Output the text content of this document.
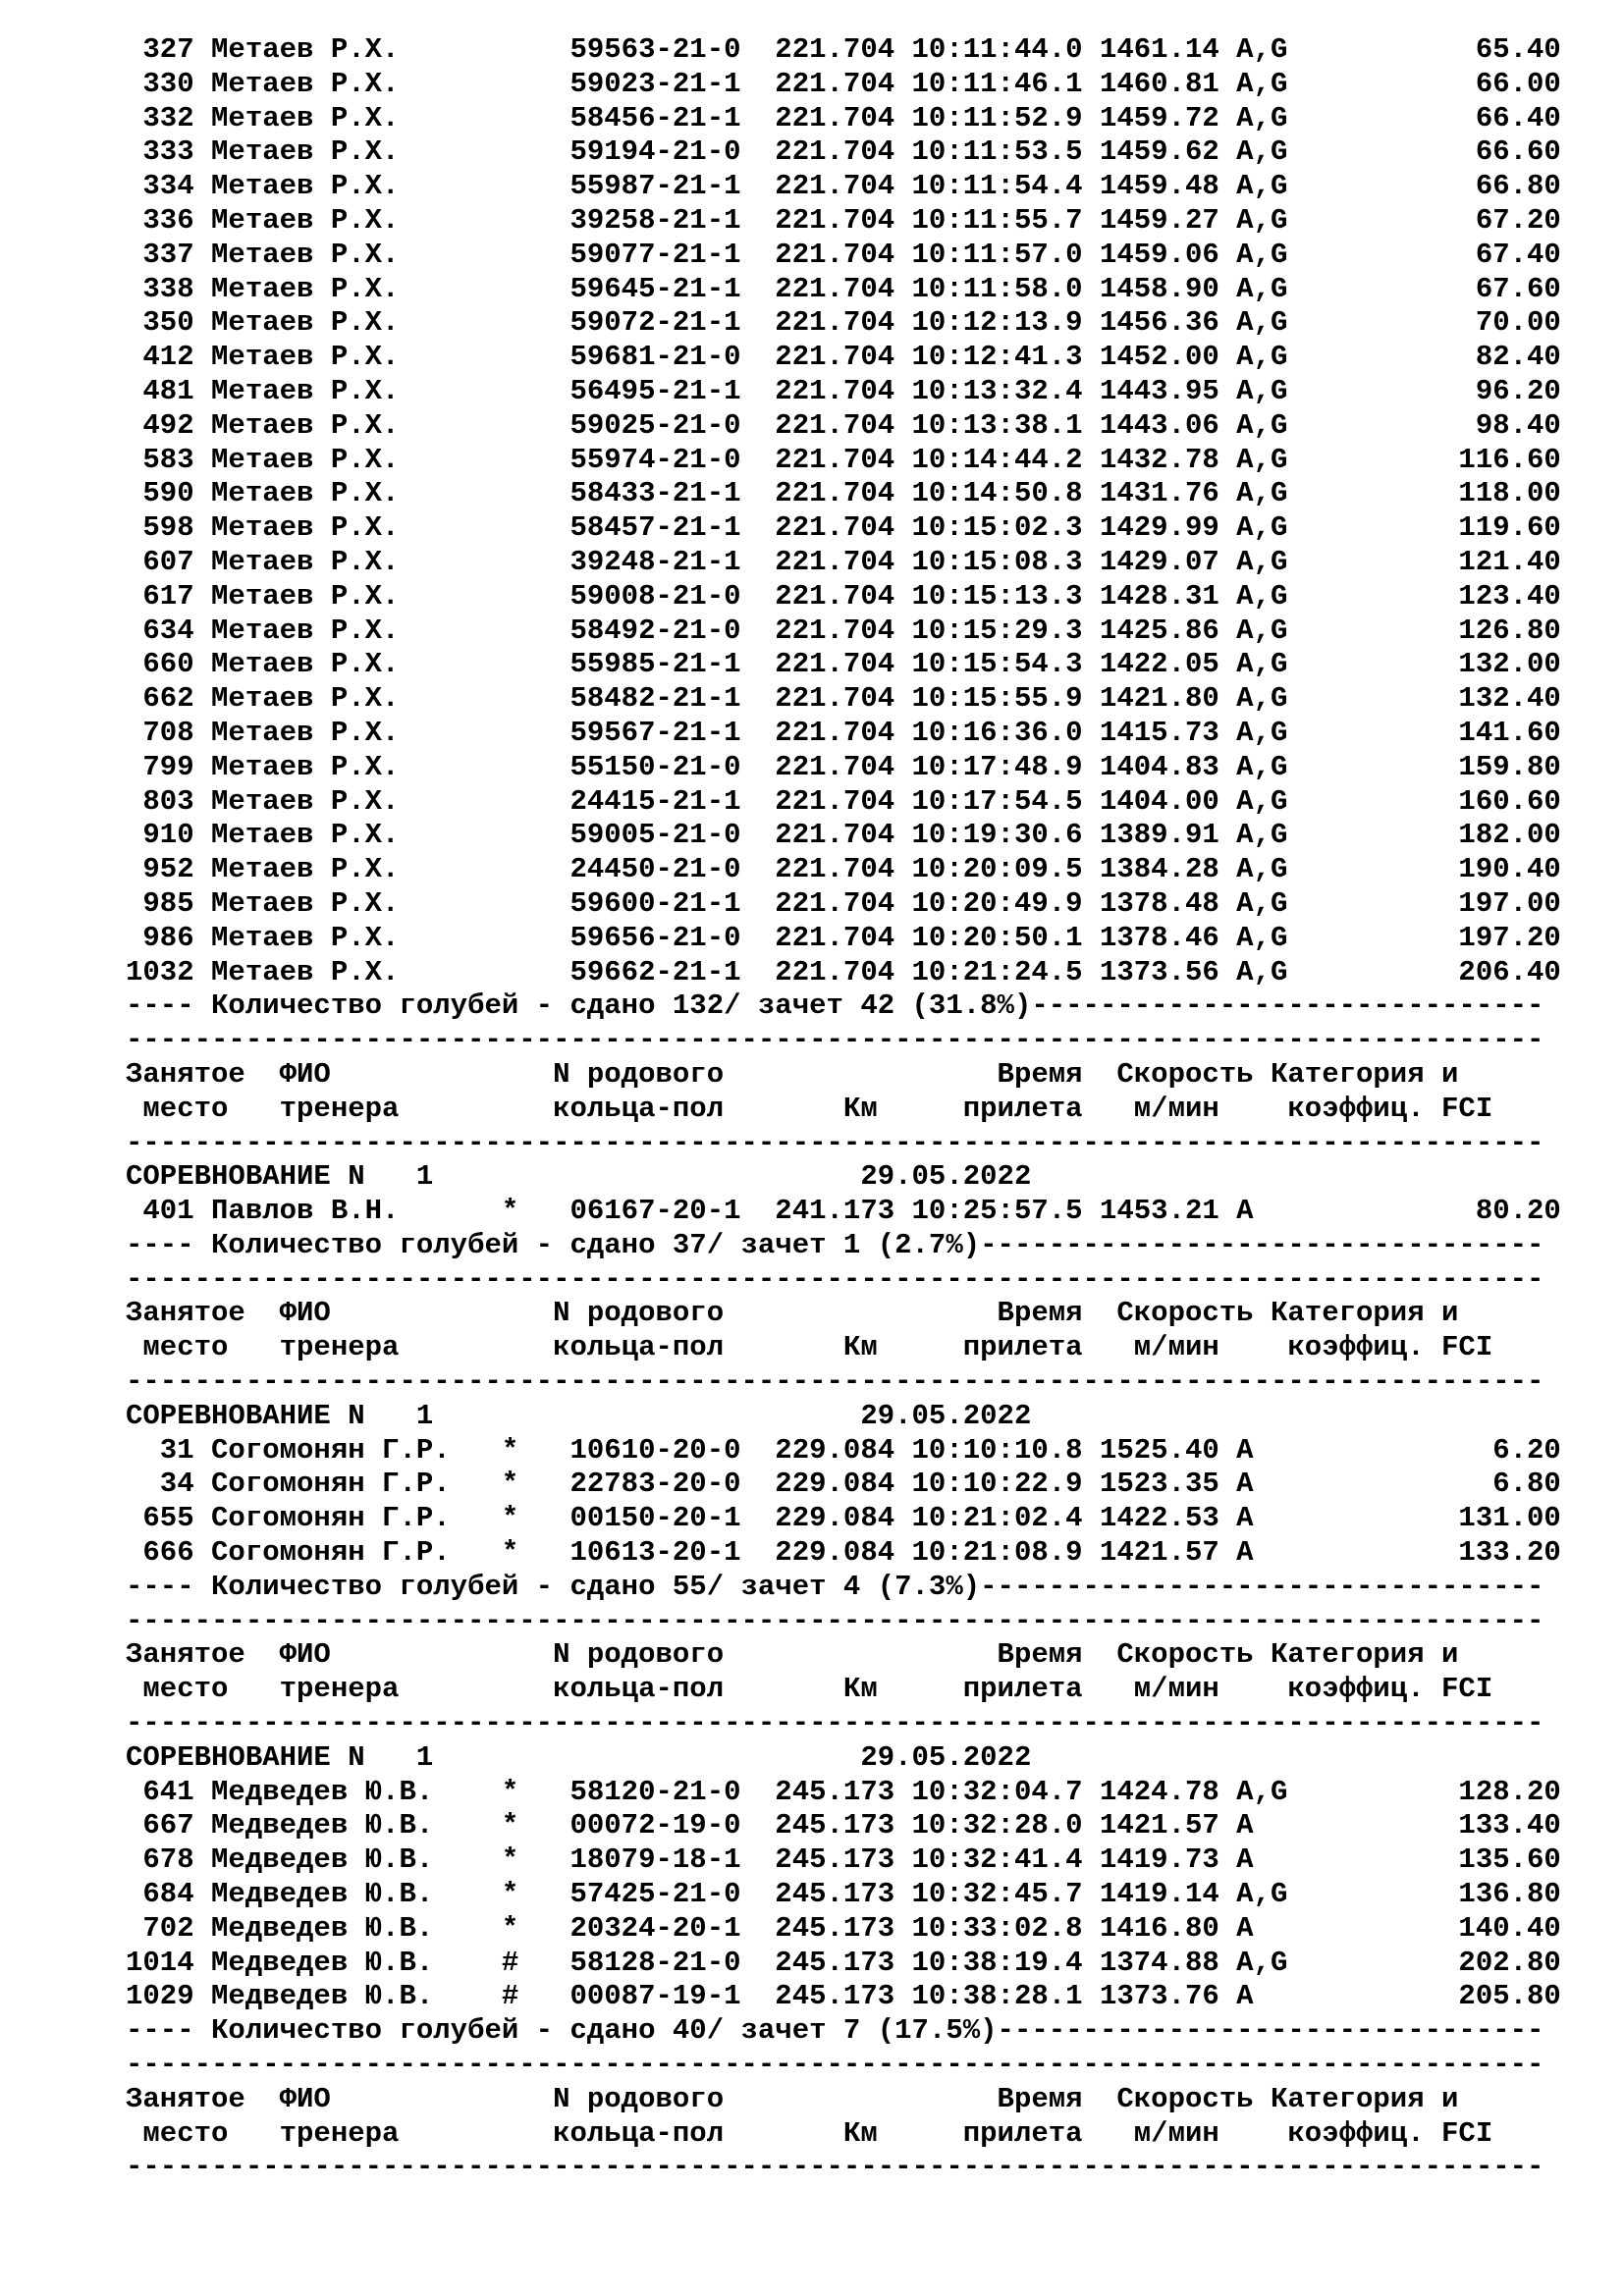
327 Метаев Р.Х.          59563-21-0  221.704 10:11:44.0 1461.14 A,G           65.40
330 Метаев Р.Х.          59023-21-1  221.704 10:11:46.1 1460.81 A,G           66.00
332 Метаев Р.Х.          58456-21-1  221.704 10:11:52.9 1459.72 A,G           66.40
333 Метаев Р.Х.          59194-21-0  221.704 10:11:53.5 1459.62 A,G           66.60
334 Метаев Р.Х.          55987-21-1  221.704 10:11:54.4 1459.48 A,G           66.80
336 Метаев Р.Х.          39258-21-1  221.704 10:11:55.7 1459.27 A,G           67.20
337 Метаев Р.Х.          59077-21-1  221.704 10:11:57.0 1459.06 A,G           67.40
338 Метаев Р.Х.          59645-21-1  221.704 10:11:58.0 1458.90 A,G           67.60
350 Метаев Р.Х.          59072-21-1  221.704 10:12:13.9 1456.36 A,G           70.00
412 Метаев Р.Х.          59681-21-0  221.704 10:12:41.3 1452.00 A,G           82.40
481 Метаев Р.Х.          56495-21-1  221.704 10:13:32.4 1443.95 A,G           96.20
492 Метаев Р.Х.          59025-21-0  221.704 10:13:38.1 1443.06 A,G           98.40
583 Метаев Р.Х.          55974-21-0  221.704 10:14:44.2 1432.78 A,G          116.60
590 Метаев Р.Х.          58433-21-1  221.704 10:14:50.8 1431.76 A,G          118.00
598 Метаев Р.Х.          58457-21-1  221.704 10:15:02.3 1429.99 A,G          119.60
607 Метаев Р.Х.          39248-21-1  221.704 10:15:08.3 1429.07 A,G          121.40
617 Метаев Р.Х.          59008-21-0  221.704 10:15:13.3 1428.31 A,G          123.40
634 Метаев Р.Х.          58492-21-0  221.704 10:15:29.3 1425.86 A,G          126.80
660 Метаев Р.Х.          55985-21-1  221.704 10:15:54.3 1422.05 A,G          132.00
662 Метаев Р.Х.          58482-21-1  221.704 10:15:55.9 1421.80 A,G          132.40
708 Метаев Р.Х.          59567-21-1  221.704 10:16:36.0 1415.73 A,G          141.60
799 Метаев Р.Х.          55150-21-0  221.704 10:17:48.9 1404.83 A,G          159.80
803 Метаев Р.Х.          24415-21-1  221.704 10:17:54.5 1404.00 A,G          160.60
910 Метаев Р.Х.          59005-21-0  221.704 10:19:30.6 1389.91 A,G          182.00
952 Метаев Р.Х.          24450-21-0  221.704 10:20:09.5 1384.28 A,G          190.40
985 Метаев Р.Х.          59600-21-1  221.704 10:20:49.9 1378.48 A,G          197.00
986 Метаев Р.Х.          59656-21-0  221.704 10:20:50.1 1378.46 A,G          197.20
1032 Метаев Р.Х.          59662-21-1  221.704 10:21:24.5 1373.56 A,G          206.40
---- Количество голубей - сдано 132/ зачет 42 (31.8%)------------------------------
-----------------------------------------------------------------------------------
Занятое  ФИО             N родового                Время  Скорость Категория и
место   тренера         кольца-пол       Км     прилета   м/мин    коэффиц. FCI
-----------------------------------------------------------------------------------
СОРЕВНОВАНИЕ N   1                         29.05.2022
401 Павлов В.Н.      *   06167-20-1  241.173 10:25:57.5 1453.21 A             80.20
---- Количество голубей - сдано 37/ зачет 1 (2.7%)---------------------------------
-----------------------------------------------------------------------------------
Занятое  ФИО             N родового                Время  Скорость Категория и
место   тренера         кольца-пол       Км     прилета   м/мин    коэффиц. FCI
-----------------------------------------------------------------------------------
СОРЕВНОВАНИЕ N   1                         29.05.2022
31 Согомонян Г.Р.   *   10610-20-0  229.084 10:10:10.8 1525.40 A              6.20
34 Согомонян Г.Р.   *   22783-20-0  229.084 10:10:22.9 1523.35 A              6.80
655 Согомонян Г.Р.   *   00150-20-1  229.084 10:21:02.4 1422.53 A            131.00
666 Согомонян Г.Р.   *   10613-20-1  229.084 10:21:08.9 1421.57 A            133.20
---- Количество голубей - сдано 55/ зачет 4 (7.3%)---------------------------------
-----------------------------------------------------------------------------------
Занятое  ФИО             N родового                Время  Скорость Категория и
место   тренера         кольца-пол       Км     прилета   м/мин    коэффиц. FCI
-----------------------------------------------------------------------------------
СОРЕВНОВАНИЕ N   1                         29.05.2022
641 Медведев Ю.В.    *   58120-21-0  245.173 10:32:04.7 1424.78 A,G          128.20
667 Медведев Ю.В.    *   00072-19-0  245.173 10:32:28.0 1421.57 A            133.40
678 Медведев Ю.В.    *   18079-18-1  245.173 10:32:41.4 1419.73 A            135.60
684 Медведев Ю.В.    *   57425-21-0  245.173 10:32:45.7 1419.14 A,G          136.80
702 Медведев Ю.В.    *   20324-20-1  245.173 10:33:02.8 1416.80 A            140.40
1014 Медведев Ю.В.    #   58128-21-0  245.173 10:38:19.4 1374.88 A,G          202.80
1029 Медведев Ю.В.    #   00087-19-1  245.173 10:38:28.1 1373.76 A            205.80
---- Количество голубей - сдано 40/ зачет 7 (17.5%)--------------------------------
-----------------------------------------------------------------------------------
Занятое  ФИО             N родового                Время  Скорость Категория и
место   тренера         кольца-пол       Км     прилета   м/мин    коэффиц. FCI
-----------------------------------------------------------------------------------
